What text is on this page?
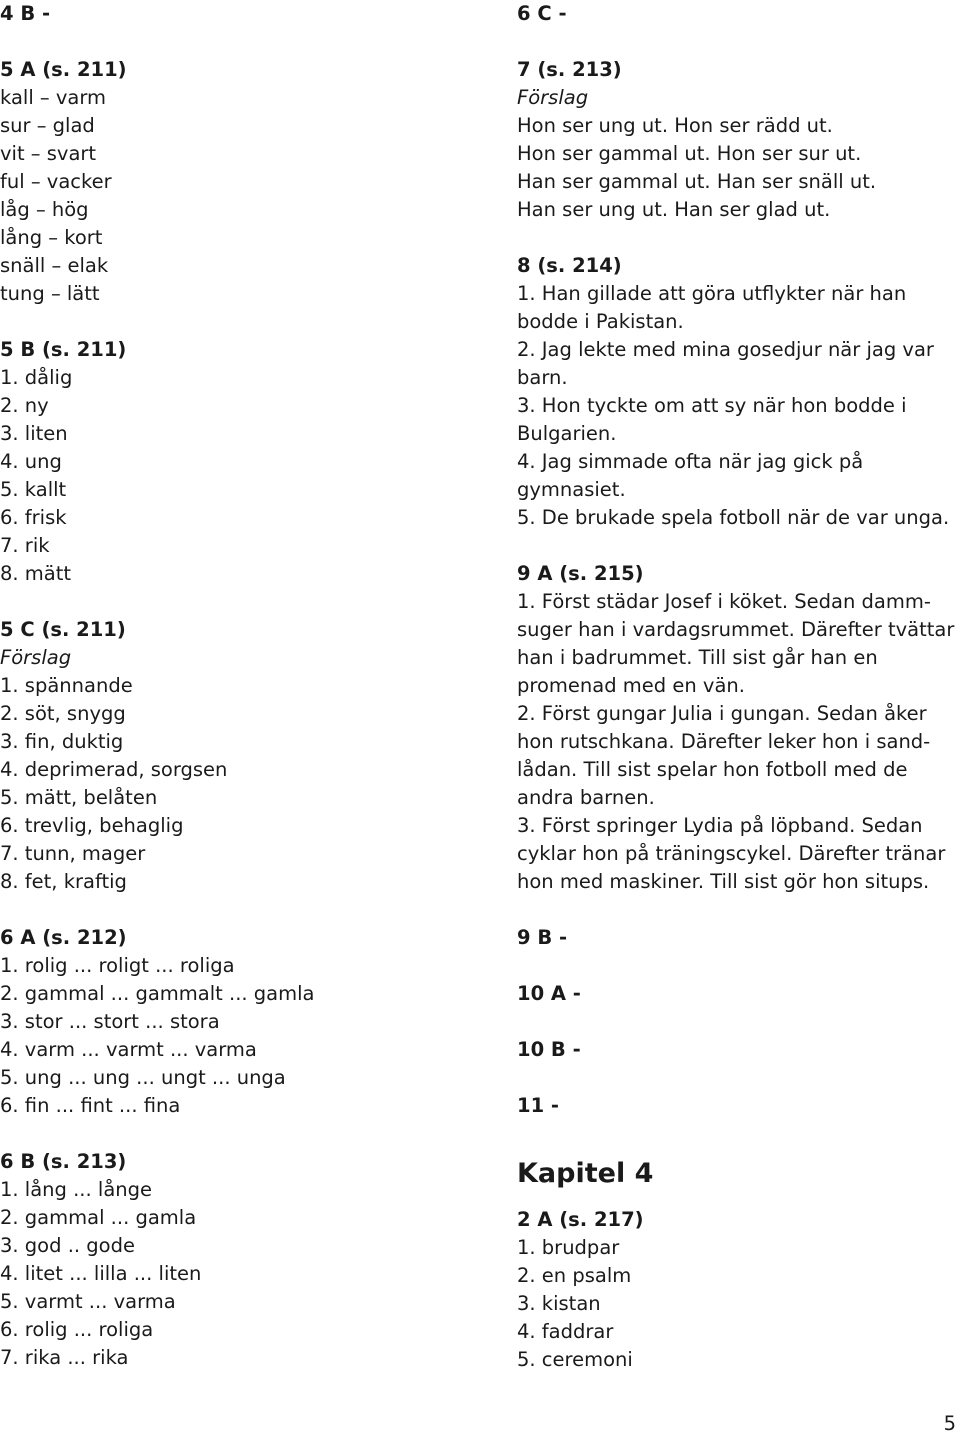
4 B -
5 A (s. 211)
kall – varm
sur – glad
vit – svart
ful – vacker
låg – hög
lång – kort
snäll – elak
tung – lätt
5 B (s. 211)
1. dålig
2. ny
3. liten
4. ung
5. kallt
6. frisk
7. rik
8. mätt
5 C (s. 211)
Förslag
1. spännande
2. söt, snygg
3. fin, duktig
4. deprimerad, sorgsen
5. mätt, belåten
6. trevlig, behaglig
7. tunn, mager
8. fet, kraftig
6 A (s. 212)
1. rolig ... roligt ... roliga
2. gammal ... gammalt ... gamla
3. stor ... stort ... stora
4. varm ... varmt ... varma
5. ung ... ung ... ungt ... unga
6. fin ... fint ... fina
6 B (s. 213)
1. lång ... långe
2. gammal ... gamla
3. god .. gode
4. litet ... lilla ... liten
5. varmt ... varma
6. rolig ... roliga
7. rika ... rika
6 C -
7 (s. 213)
Förslag
Hon ser ung ut. Hon ser rädd ut.
Hon ser gammal ut. Hon ser sur ut.
Han ser gammal ut. Han ser snäll ut.
Han ser ung ut. Han ser glad ut.
8 (s. 214)
1. Han gillade att göra utflykter när han bodde i Pakistan.
2. Jag lekte med mina gosedjur när jag var barn.
3. Hon tyckte om att sy när hon bodde i Bulgarien.
4. Jag simmade ofta när jag gick på gymnasiet.
5. De brukade spela fotboll när de var unga.
9 A (s. 215)
1. Först städar Josef i köket. Sedan damm-suger han i vardagsrummet. Därefter tvättar han i badrummet. Till sist går han en promenad med en vän.
2. Först gungar Julia i gungan. Sedan åker hon rutschkana. Därefter leker hon i sand-lådan. Till sist spelar hon fotboll med de andra barnen.
3. Först springer Lydia på löpband. Sedan cyklar hon på träningscykel. Därefter tränar hon med maskiner. Till sist gör hon situps.
9 B -
10 A -
10 B -
11 -
Kapitel 4
2 A (s. 217)
1. brudpar
2. en psalm
3. kistan
4. faddrar
5. ceremoni
5
